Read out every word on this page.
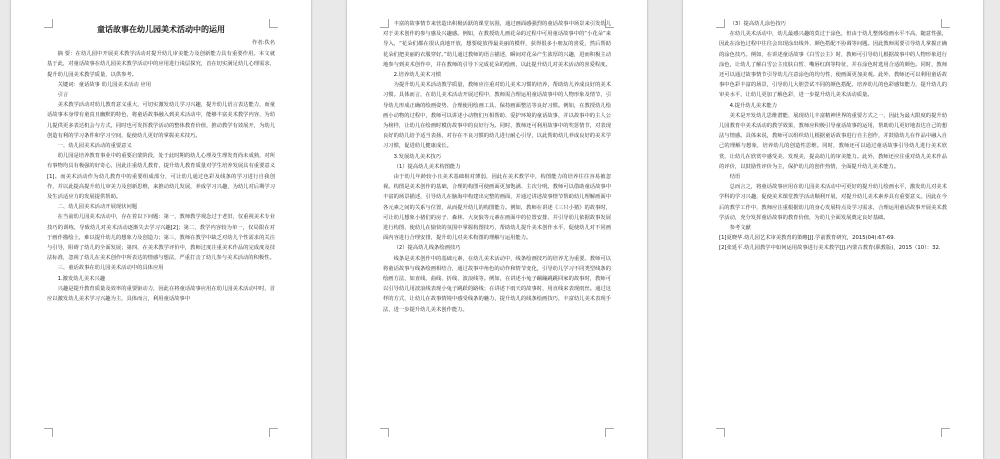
童话故事在幼儿园美术活动中的运用
作者:佚名

摘 要：在幼儿园中开展美术教学活动对提升幼儿审美能力及创新能力具有重要作用。本文就基于此，对童话故事在幼儿园美术教学活动中的应用进行浅层探究，首在切实满足幼儿心理需求，提升幼儿园美术教学质量，以供参考。

关键词：童话故事 幼儿园美术活动 应用

引言

美术教学活动对幼儿教育意义重大，可切实激发幼儿学习兴趣，提升幼儿语言表达能力，而童话故事本身带有童真且幽默的特色，将童话故事融入到美术活动中，能够丰富美术教学内容，为幼儿提供更多表达机会与方式，同时也可发挥教学活动的整体教育价值，推动教学有效展开，为幼儿创造有利的学习条件和学习空间，促使幼儿更好的掌握美术技巧。

一、幼儿园美术活动的重要意义

幼儿园是培养教育事业中的重要启蒙阶段，处于此时期的幼儿心理及生理发育尚未成熟，对所有事物均具有极强的好奇心，因此注重幼儿教育，提升幼儿教育质量对学生培养发展具有重要意义[1]。而美术活动作为幼儿教育中的重要组成部分，可让幼儿通过色彩及线条的学习进行自我创作，并以此提高提升幼儿审美力及创新思维，来推动幼儿发展，养成学习兴趣，为幼儿对后期学习及生活适应力的发展提供帮助。

二、幼儿园美术活动开展现状问题

在当前幼儿园美术活动中，存在着以下问题：第一，教师教学观念过于老旧，仅重视美术专业技巧的训练，导致幼儿对美术活动逐渐失去学习兴趣[2]；第二，教学内容较为单一，仅局限在对于画作描绘上，难以提升幼儿的想象力及创造力；第三，教师在教学中缺乏对幼儿个性需求的关注与引导，阻碍了幼儿的全面发展；第四，在美术教学评价中，教师过度注重美术作品的完成度及技法标准，忽视了幼儿在美术创作中所表达的情感与想法，严重打击了幼儿参与美术活动的积极性。

三、童话故事在幼儿园美术活动中的具体应用

1.激发幼儿美术兴趣

兴趣是提升教育质量及效率的重要驱动力，因此在将童话故事应用在幼儿园美术活动中时，首应以激发幼儿美术学习兴趣为主，具体而言，利用童话故事中

丰富的故事情节来营造出积极活跃的课堂氛围，通过画面感强烈的童话故事中场景来引发幼儿对于美术创作的参与感及兴趣感。例如，在教授幼儿画花朵的过程中可用童话故事中的“小花朵”来导入，“花朵们都在很认真地开放，想要绽放得最美丽的模样，获得很多小朋友的喜爱，然后帮助花朵们把美丽的衣服穿好。”幼儿通过教师的语言描述，瞬间对花朵产生浓厚的兴趣，进而积极主动地参与到美术创作中，并在教师的引导下完成花朵的绘画，以此提升幼儿对美术活动的喜爱程度。

2.培养幼儿美术习惯

为提升幼儿美术活动教学质量，教师应注重对幼儿美术习惯的培养，帮助幼儿养成良好的美术习惯。具体而言，在幼儿美术活动开展过程中，教师需合理运用童话故事中的人物形象及情节，引导幼儿形成正确的绘画姿势、合理使用绘画工具、保持画面整洁等良好习惯。例如，在教授幼儿绘画小动物的过程中，教师可以讲述小动物们互相帮助、爱护环境的童话故事，并以故事中的主人公为榜样，让幼儿在绘画时模仿故事中的良好行为。同时，教师还可利用故事中的奖惩情节，对表现良好的幼儿给予适当表扬，对存在不良习惯的幼儿进行耐心引导，以此帮助幼儿养成良好的美术学习习惯，促进幼儿健康成长。

3.发展幼儿美术技巧

（1）提高幼儿美术构图能力

由于幼儿年龄较小且美术基础相对薄弱，因此在美术教学中，构图能力的培养往往容易被忽视。构图是美术创作的基础，合理的构图可使画面更加饱满、主次分明。教师可以借助童话故事中丰富的场景描述，引导幼儿在脑海中构建出完整的画面，并通过讲述故事情节帮助幼儿理解画面中各元素之间的关系与位置，从而提升幼儿的构图能力。例如，教师在讲述《三只小猪》的故事时，可让幼儿想象小猪们的房子、森林、大灰狼等元素在画面中的位置安排，并引导幼儿依据故事发展进行构图，使幼儿在愉快的氛围中掌握构图技巧，帮助幼儿提升美术创作水平，促使幼儿对不同画面内容进行合理安排，提升幼儿对美术构图的理解与运用能力。

（2）提高幼儿线条绘画技巧

线条是美术创作中的基础元素，在幼儿美术活动中，线条绘画技巧的培养尤为重要。教师可以将童话故事与线条绘画相结合，通过故事中角色的动作和情节变化，引导幼儿学习不同类型线条的绘画方法，如直线、曲线、折线、波浪线等。例如，在讲述小兔子蹦蹦跳跳回家的故事时，教师可以引导幼儿用波浪线表现小兔子跳跃的路线；在讲述下雨天的故事时，用直线来表现雨丝。通过这样的方式，让幼儿在故事情境中感受线条的魅力，提升幼儿的线条绘画技巧，丰富幼儿美术表现手法，进一步提升幼儿美术创作能力。

（3）提高幼儿涂色技巧

在幼儿美术活动中，幼儿最感兴趣的莫过于涂色，但由于幼儿整体绘画水平不高，随意性强，因此在涂色过程中往往会出现涂出线外、颜色搭配不协调等问题。因此教师需要引导幼儿掌握正确的涂色技巧。例如，在讲述童话故事《白雪公主》时，教师可引导幼儿根据故事中的人物形象进行涂色，让幼儿了解白雪公主皮肤白皙、嘴唇红润等特征，并在涂色时选用合适的颜色。同时，教师还可以通过故事情节引导幼儿注意涂色的均匀性，使画面更加美观。此外，教师还可以利用童话故事中色彩丰富的场景，引导幼儿大胆尝试不同的颜色搭配，培养幼儿的色彩感知能力，提升幼儿的审美水平，让幼儿更加了解色彩，进一步提升幼儿美术活动质量。

4.提升幼儿美术能力

美术是开发幼儿思维潜能、展现幼儿丰富精神世界的重要方式之一，因此为最大限度的提升幼儿园教育中美术活动的教学效果，教师应积极引导童话故事的运用，帮助幼儿更好地表达自己的想法与情感。具体来说，教师可以组织幼儿根据童话故事进行自主创作，并鼓励幼儿在作品中融入自己的理解与想象，培养幼儿的创造性思维。同时，教师还可以通过童话故事引导幼儿进行美术欣赏，让幼儿在欣赏中感受美、发现美，提高幼儿的审美能力。此外，教师还应注重对幼儿美术作品的评价，以鼓励性评价为主，保护幼儿的创作热情，全面提升幼儿美术能力。

结语

总而言之，将童话故事应用在幼儿园美术活动中可更好的提升幼儿绘画水平，激发幼儿对美术学科的学习兴趣，促使美术课堂教学活动顺利开展，对提升幼儿美术素养具有重要意义。因此在今后的教学工作中，教师应注重根据幼儿的身心发展特点及学习需求，合理运用童话故事开展美术教学活动，充分发挥童话故事的教育价值，为幼儿全面发展奠定良好基础。

参考文献

[1]夏晓华.幼儿园艺术审美教育的策略[J].学前教育研究，2015(04):67-69.

[2]张延平.幼儿园教学中如何运用故事进行美术教学[J].内蒙古教育(职教版)，2015（10）：32.
